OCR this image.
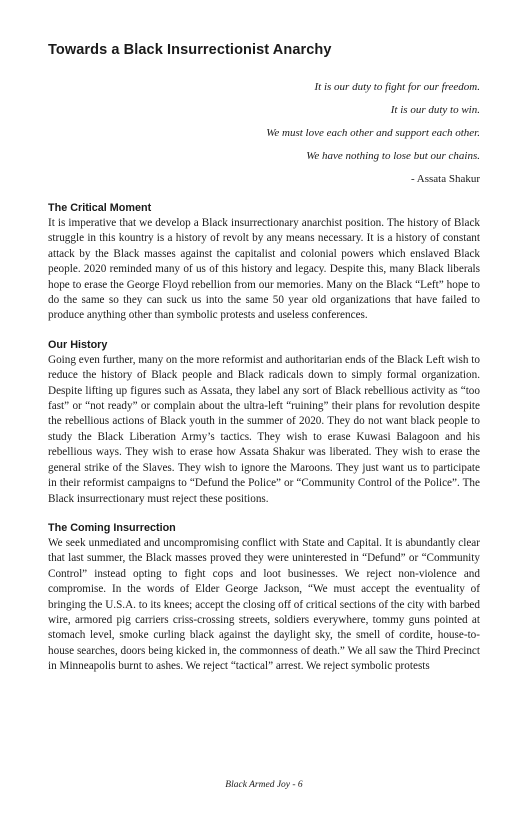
Towards a Black Insurrectionist Anarchy
It is our duty to fight for our freedom.
It is our duty to win.
We must love each other and support each other.
We have nothing to lose but our chains.
- Assata Shakur
The Critical Moment

It is imperative that we develop a Black insurrectionary anarchist position. The history of Black struggle in this kountry is a history of revolt by any means necessary. It is a history of constant attack by the Black masses against the capitalist and colonial powers which enslaved Black people. 2020 reminded many of us of this history and legacy. Despite this, many Black liberals hope to erase the George Floyd rebellion from our memories. Many on the Black “Left” hope to do the same so they can suck us into the same 50 year old organizations that have failed to produce anything other than symbolic protests and useless conferences.

Our History

Going even further, many on the more reformist and authoritarian ends of the Black Left wish to reduce the history of Black people and Black radicals down to simply formal organization. Despite lifting up figures such as Assata, they label any sort of Black rebellious activity as “too fast” or “not ready” or complain about the ultra-left “ruining” their plans for revolution despite the rebellious actions of Black youth in the summer of 2020. They do not want black people to study the Black Liberation Army’s tactics. They wish to erase Kuwasi Balagoon and his rebellious ways. They wish to erase how Assata Shakur was liberated. They wish to erase the general strike of the Slaves. They wish to ignore the Maroons. They just want us to participate in their reformist campaigns to “Defund the Police” or “Community Control of the Police”. The Black insurrectionary must reject these positions.

The Coming Insurrection

We seek unmediated and uncompromising conflict with State and Capital. It is abundantly clear that last summer, the Black masses proved they were uninterested in “Defund” or “Community Control” instead opting to fight cops and loot businesses. We reject non-violence and compromise. In the words of Elder George Jackson, “We must accept the eventuality of bringing the U.S.A. to its knees; accept the closing off of critical sections of the city with barbed wire, armored pig carriers criss-crossing streets, soldiers everywhere, tommy guns pointed at stomach level, smoke curling black against the daylight sky, the smell of cordite, house-to-house searches, doors being kicked in, the commonness of death.” We all saw the Third Precinct in Minneapolis burnt to ashes. We reject “tactical” arrest. We reject symbolic protests

Black Armed Joy - 6
